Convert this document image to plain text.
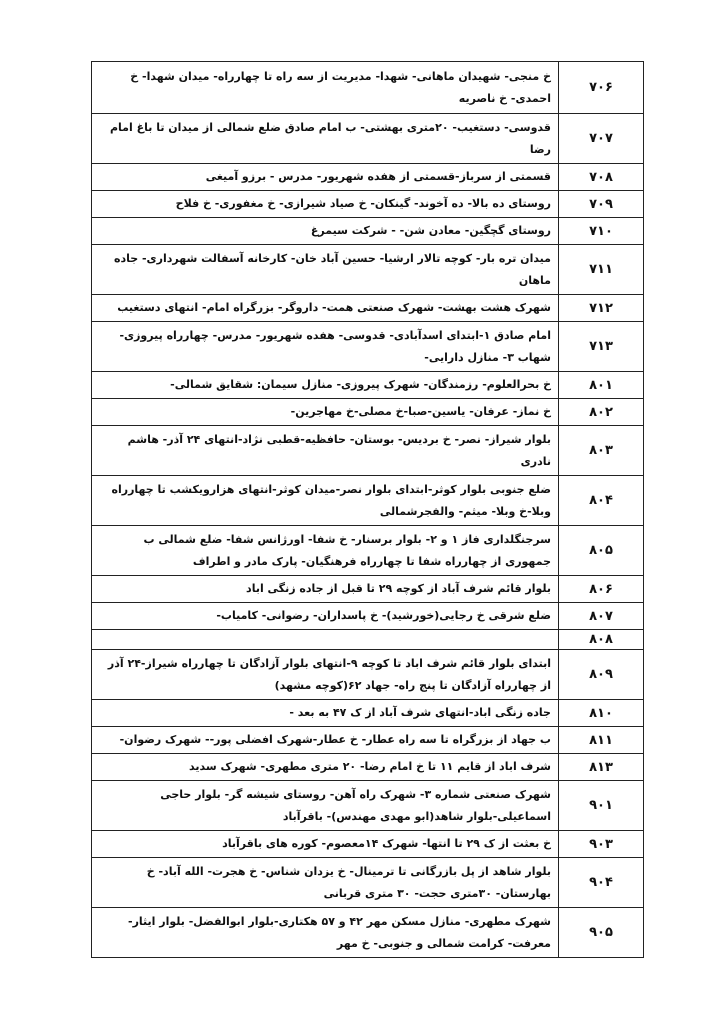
۷۰۶	خ منجی- شهیدان ماهانی- شهدا- مدیریت از سه راه تا چهارراه- میدان شهدا- خ احمدی- خ ناصریه
۷۰۷	قدوسی- دستغیب- ۲۰متری بهشتی- ب امام صادق ضلع شمالی از میدان تا باغ امام رضا
۷۰۸	قسمتی از سرباز-قسمتی از هفده شهریور- مدرس - برزو آمیغی
۷۰۹	روستای ده بالا- ده آخوند- گینکان- خ صیاد شیرازی- خ مغفوری- خ فلاح
۷۱۰	روستای گچگین- معادن شن- - شرکت سیمرغ
۷۱۱	میدان تره بار- کوچه تالار ارشیا- حسین آباد خان- کارخانه آسفالت شهرداری- جاده ماهان
۷۱۲	شهرک هشت بهشت- شهرک صنعتی همت- داروگر- بزرگراه امام- انتهای دستغیب
۷۱۳	امام صادق ۱-ابتدای اسدآبادی- قدوسی- هفده شهریور- مدرس- چهارراه پیروزی- شهاب ۳- منازل دارایی-
۸۰۱	خ بحرالعلوم- رزمندگان- شهرک پیروزی- منازل سیمان: شقایق شمالی-
۸۰۲	خ نماز- عرفان- یاسین-صبا-خ مصلی-خ مهاجرین-
۸۰۳	بلوار شیراز- نصر- خ بردیس- بوستان- حافظیه-قطبی نژاد-انتهای ۲۴ آذر- هاشم نادری
۸۰۴	ضلع جنوبی بلوار کوثر-ابتدای بلوار نصر-میدان کوثر-انتهای هزارویکشب تا چهارراه وبلا-خ وبلا- میثم- والفجرشمالی
۸۰۵	سرجنگلداری فاز ۱ و ۲- بلوار برسنار- خ شفا- اورژانس شفا- ضلع شمالی ب جمهوری از چهارراه شفا تا چهارراه فرهنگیان- پارک مادر و اطراف
۸۰۶	بلوار قائم شرف آباد از کوچه ۲۹ تا قبل از جاده زنگی اباد
۸۰۷	ضلع شرقی خ رجایی(خورشید)- خ پاسداران- رضوانی- کامیاب-
۸۰۸	
۸۰۹	ابتدای بلوار قائم شرف اباد تا کوچه ۹-انتهای بلوار آزادگان تا چهارراه شیراز-۲۴ آذر از چهارراه آزادگان تا پنج راه- جهاد ۶۲(کوچه مشهد)
۸۱۰	جاده زنگی اباد-انتهای شرف آباد از ک ۴۷ به بعد -
۸۱۱	ب جهاد از بزرگراه تا سه راه عطار- خ عطار-شهرک افضلی پور-- شهرک رضوان-
۸۱۳	شرف اباد از قایم ۱۱ تا خ امام رضا- ۲۰ متری مطهری- شهرک سدید
۹۰۱	شهرک صنعتی شماره ۳- شهرک راه آهن- روستای شیشه گر- بلوار حاجی اسماعیلی-بلوار شاهد(ابو مهدی مهندس)- باقرآباد
۹۰۳	خ بعثت از ک ۲۹ تا انتها- شهرک ۱۴معصوم- کوره های باقرآباد
۹۰۴	بلوار شاهد از پل بازرگانی تا ترمینال- خ یزدان شناس- خ هجرت- الله آباد- خ بهارستان- ۳۰متری حجت- ۳۰ متری قربانی
۹۰۵	شهرک مطهری- منازل مسکن مهر ۴۲ و ۵۷ هکتاری-بلوار ابوالفضل- بلوار ایثار- معرفت- کرامت شمالی و جنوبی- خ مهر
